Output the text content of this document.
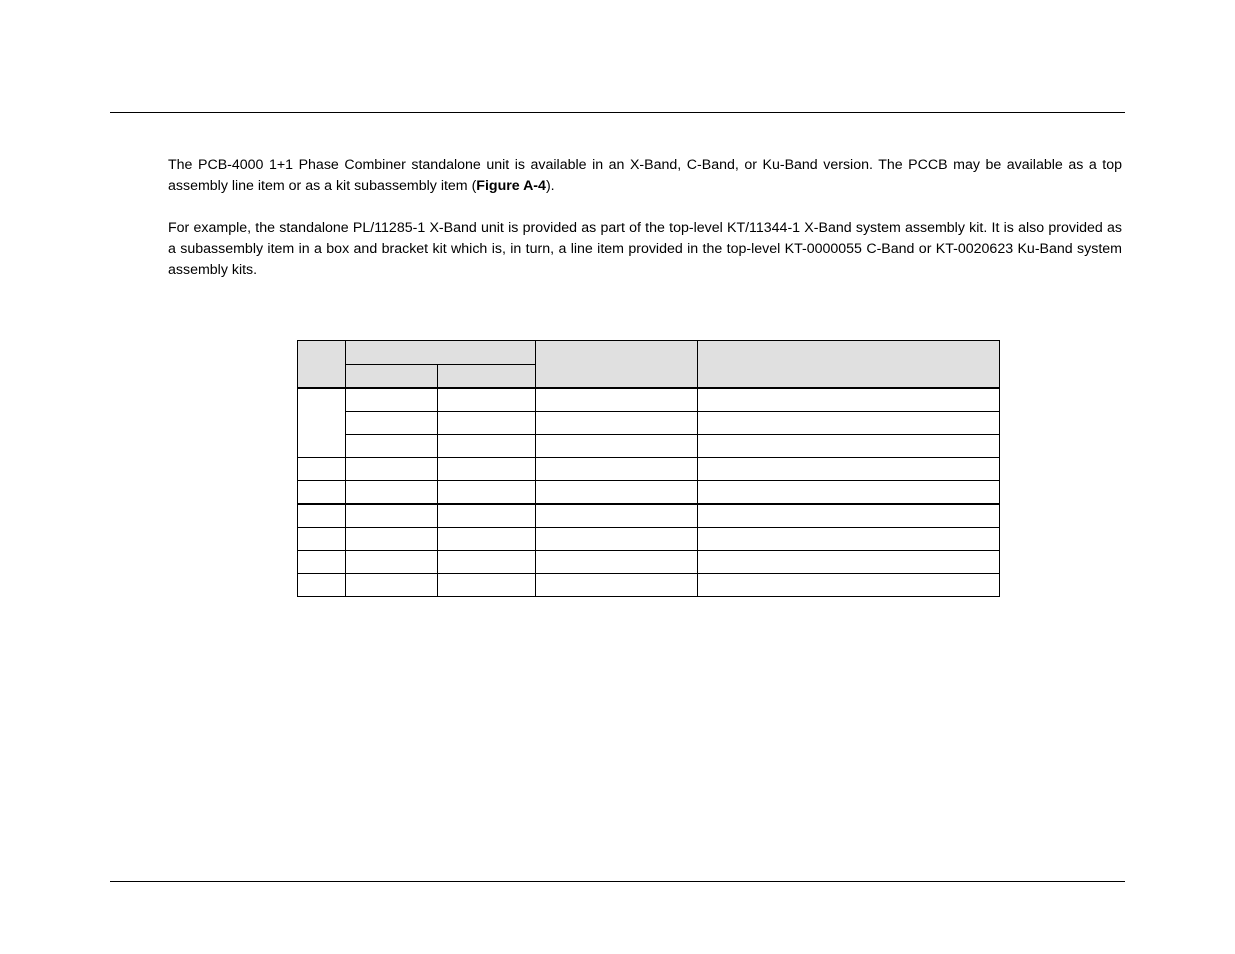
The PCB-4000 1+1 Phase Combiner standalone unit is available in an X-Band, C-Band, or Ku-Band version. The PCCB may be available as a top assembly line item or as a kit subassembly item (Figure A-4).

For example, the standalone PL/11285-1 X-Band unit is provided as part of the top-level KT/11344-1 X-Band system assembly kit. It is also provided as a subassembly item in a box and bracket kit which is, in turn, a line item provided in the top-level KT-0000055 C-Band or KT-0020623 Ku-Band system assembly kits.
